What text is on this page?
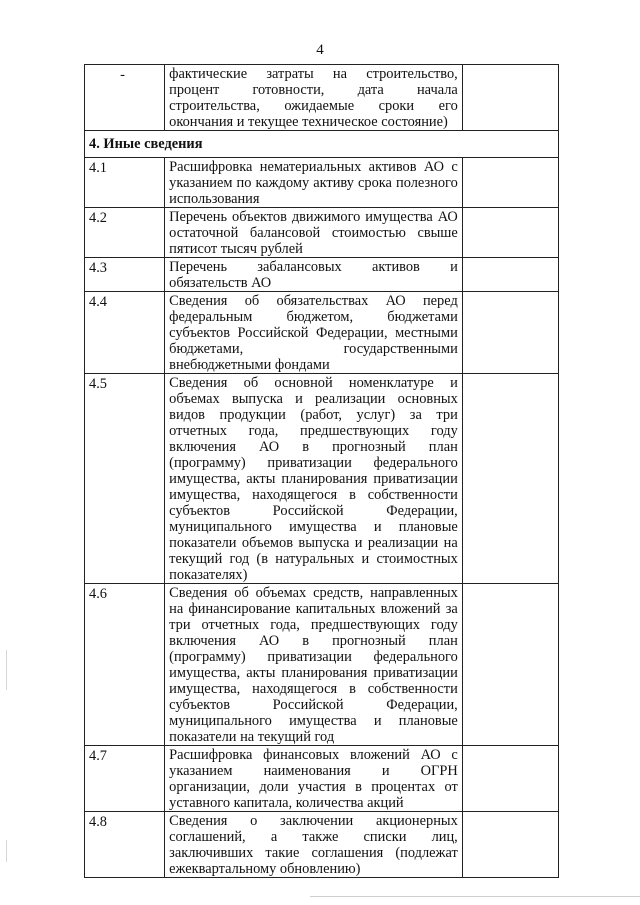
4
-	фактические затраты на строительство, процент готовности, дата начала строительства, ожидаемые сроки его окончания и текущее техническое состояние)	
4. Иные сведения		
4.1	Расшифровка нематериальных активов АО с указанием по каждому активу срока полезного использования	
4.2	Перечень объектов движимого имущества АО остаточной балансовой стоимостью свыше пятисот тысяч рублей	
4.3	Перечень забалансовых активов и обязательств АО	
4.4	Сведения об обязательствах АО перед федеральным бюджетом, бюджетами субъектов Российской Федерации, местными бюджетами, государственными внебюджетными фондами	
4.5	Сведения об основной номенклатуре и объемах выпуска и реализации основных видов продукции (работ, услуг) за три отчетных года, предшествующих году включения АО в прогнозный план (программу) приватизации федерального имущества, акты планирования приватизации имущества, находящегося в собственности субъектов Российской Федерации, муниципального имущества и плановые показатели объемов выпуска и реализации на текущий год (в натуральных и стоимостных показателях)	
4.6	Сведения об объемах средств, направленных на финансирование капитальных вложений за три отчетных года, предшествующих году включения АО в прогнозный план (программу) приватизации федерального имущества, акты планирования приватизации имущества, находящегося в собственности субъектов Российской Федерации, муниципального имущества и плановые показатели на текущий год	
4.7	Расшифровка финансовых вложений АО с указанием наименования и ОГРН организации, доли участия в процентах от уставного капитала, количества акций	
4.8	Сведения о заключении акционерных соглашений, а также списки лиц, заключивших такие соглашения (подлежат ежеквартальному обновлению)	
